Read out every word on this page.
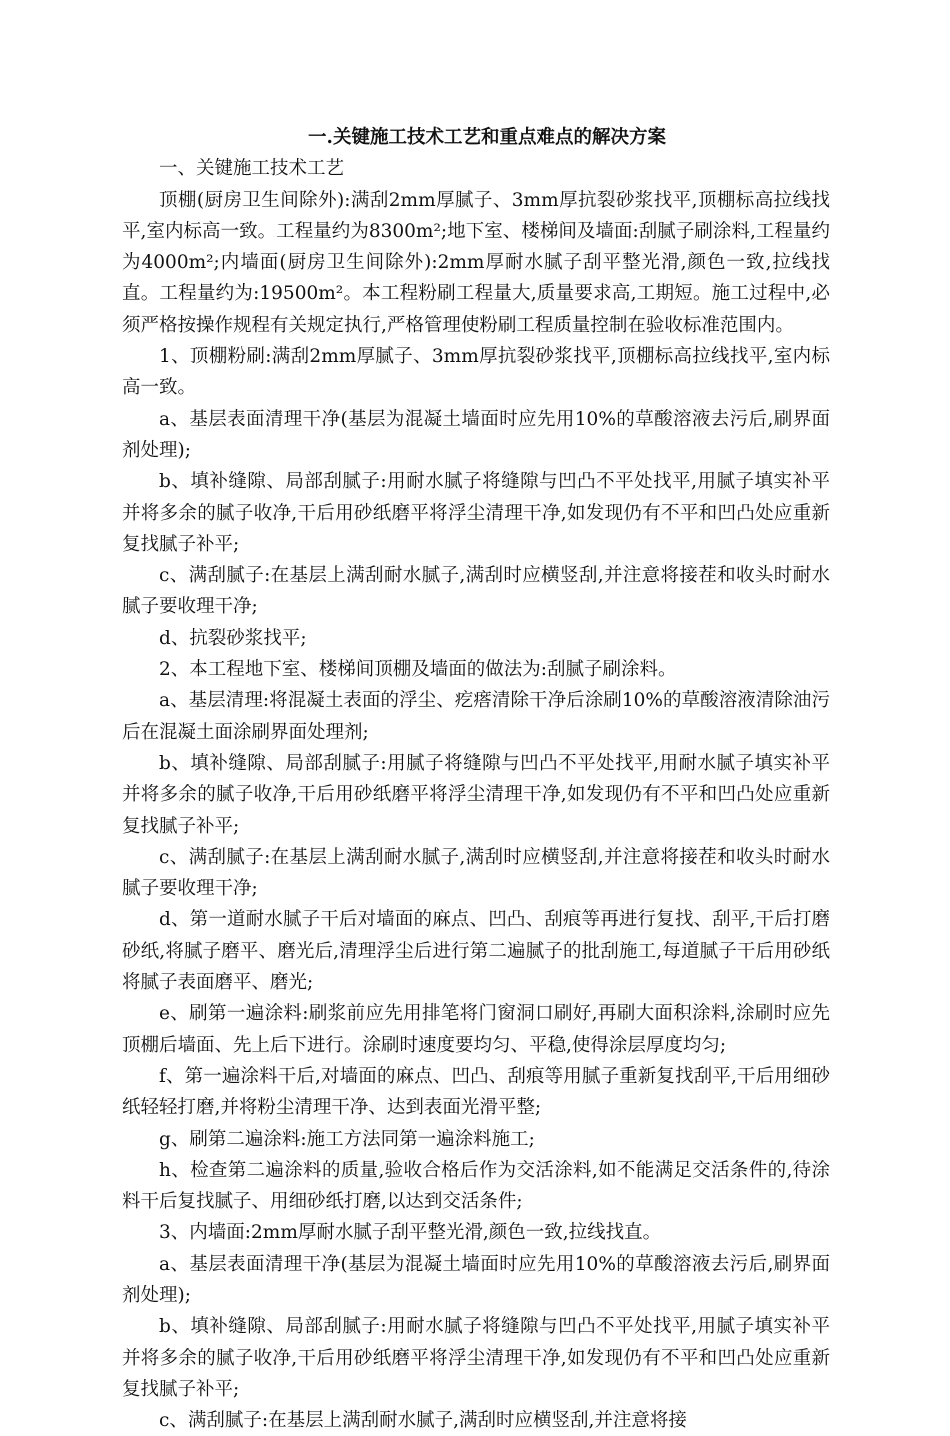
一.关键施工技术工艺和重点难点的解决方案

一、关键施工技术工艺

顶棚(厨房卫生间除外):满刮2mm厚腻子、3mm厚抗裂砂浆找平,顶棚标高拉线找平,室内标高一致。工程量约为8300m²;地下室、楼梯间及墙面:刮腻子刷涂料,工程量约为4000m²;内墙面(厨房卫生间除外):2mm厚耐水腻子刮平整光滑,颜色一致,拉线找直。工程量约为:19500m²。本工程粉刷工程量大,质量要求高,工期短。施工过程中,必须严格按操作规程有关规定执行,严格管理使粉刷工程质量控制在验收标准范围内。

1、顶棚粉刷:满刮2mm厚腻子、3mm厚抗裂砂浆找平,顶棚标高拉线找平,室内标高一致。

a、基层表面清理干净(基层为混凝土墙面时应先用10%的草酸溶液去污后,刷界面剂处理);

b、填补缝隙、局部刮腻子:用耐水腻子将缝隙与凹凸不平处找平,用腻子填实补平并将多余的腻子收净,干后用砂纸磨平将浮尘清理干净,如发现仍有不平和凹凸处应重新复找腻子补平;

c、满刮腻子:在基层上满刮耐水腻子,满刮时应横竖刮,并注意将接茬和收头时耐水腻子要收理干净;

d、抗裂砂浆找平;

2、本工程地下室、楼梯间顶棚及墙面的做法为:刮腻子刷涂料。

a、基层清理:将混凝土表面的浮尘、疙瘩清除干净后涂刷10%的草酸溶液清除油污后在混凝土面涂刷界面处理剂;

b、填补缝隙、局部刮腻子:用腻子将缝隙与凹凸不平处找平,用耐水腻子填实补平并将多余的腻子收净,干后用砂纸磨平将浮尘清理干净,如发现仍有不平和凹凸处应重新复找腻子补平;

c、满刮腻子:在基层上满刮耐水腻子,满刮时应横竖刮,并注意将接茬和收头时耐水腻子要收理干净;

d、第一道耐水腻子干后对墙面的麻点、凹凸、刮痕等再进行复找、刮平,干后打磨砂纸,将腻子磨平、磨光后,清理浮尘后进行第二遍腻子的批刮施工,每道腻子干后用砂纸将腻子表面磨平、磨光;

e、刷第一遍涂料:刷浆前应先用排笔将门窗洞口刷好,再刷大面积涂料,涂刷时应先顶棚后墙面、先上后下进行。涂刷时速度要均匀、平稳,使得涂层厚度均匀;

f、第一遍涂料干后,对墙面的麻点、凹凸、刮痕等用腻子重新复找刮平,干后用细砂纸轻轻打磨,并将粉尘清理干净、达到表面光滑平整;

g、刷第二遍涂料:施工方法同第一遍涂料施工;

h、检查第二遍涂料的质量,验收合格后作为交活涂料,如不能满足交活条件的,待涂料干后复找腻子、用细砂纸打磨,以达到交活条件;

3、内墙面:2mm厚耐水腻子刮平整光滑,颜色一致,拉线找直。

a、基层表面清理干净(基层为混凝土墙面时应先用10%的草酸溶液去污后,刷界面剂处理);

b、填补缝隙、局部刮腻子:用耐水腻子将缝隙与凹凸不平处找平,用腻子填实补平并将多余的腻子收净,干后用砂纸磨平将浮尘清理干净,如发现仍有不平和凹凸处应重新复找腻子补平;

c、满刮腻子:在基层上满刮耐水腻子,满刮时应横竖刮,并注意将接
